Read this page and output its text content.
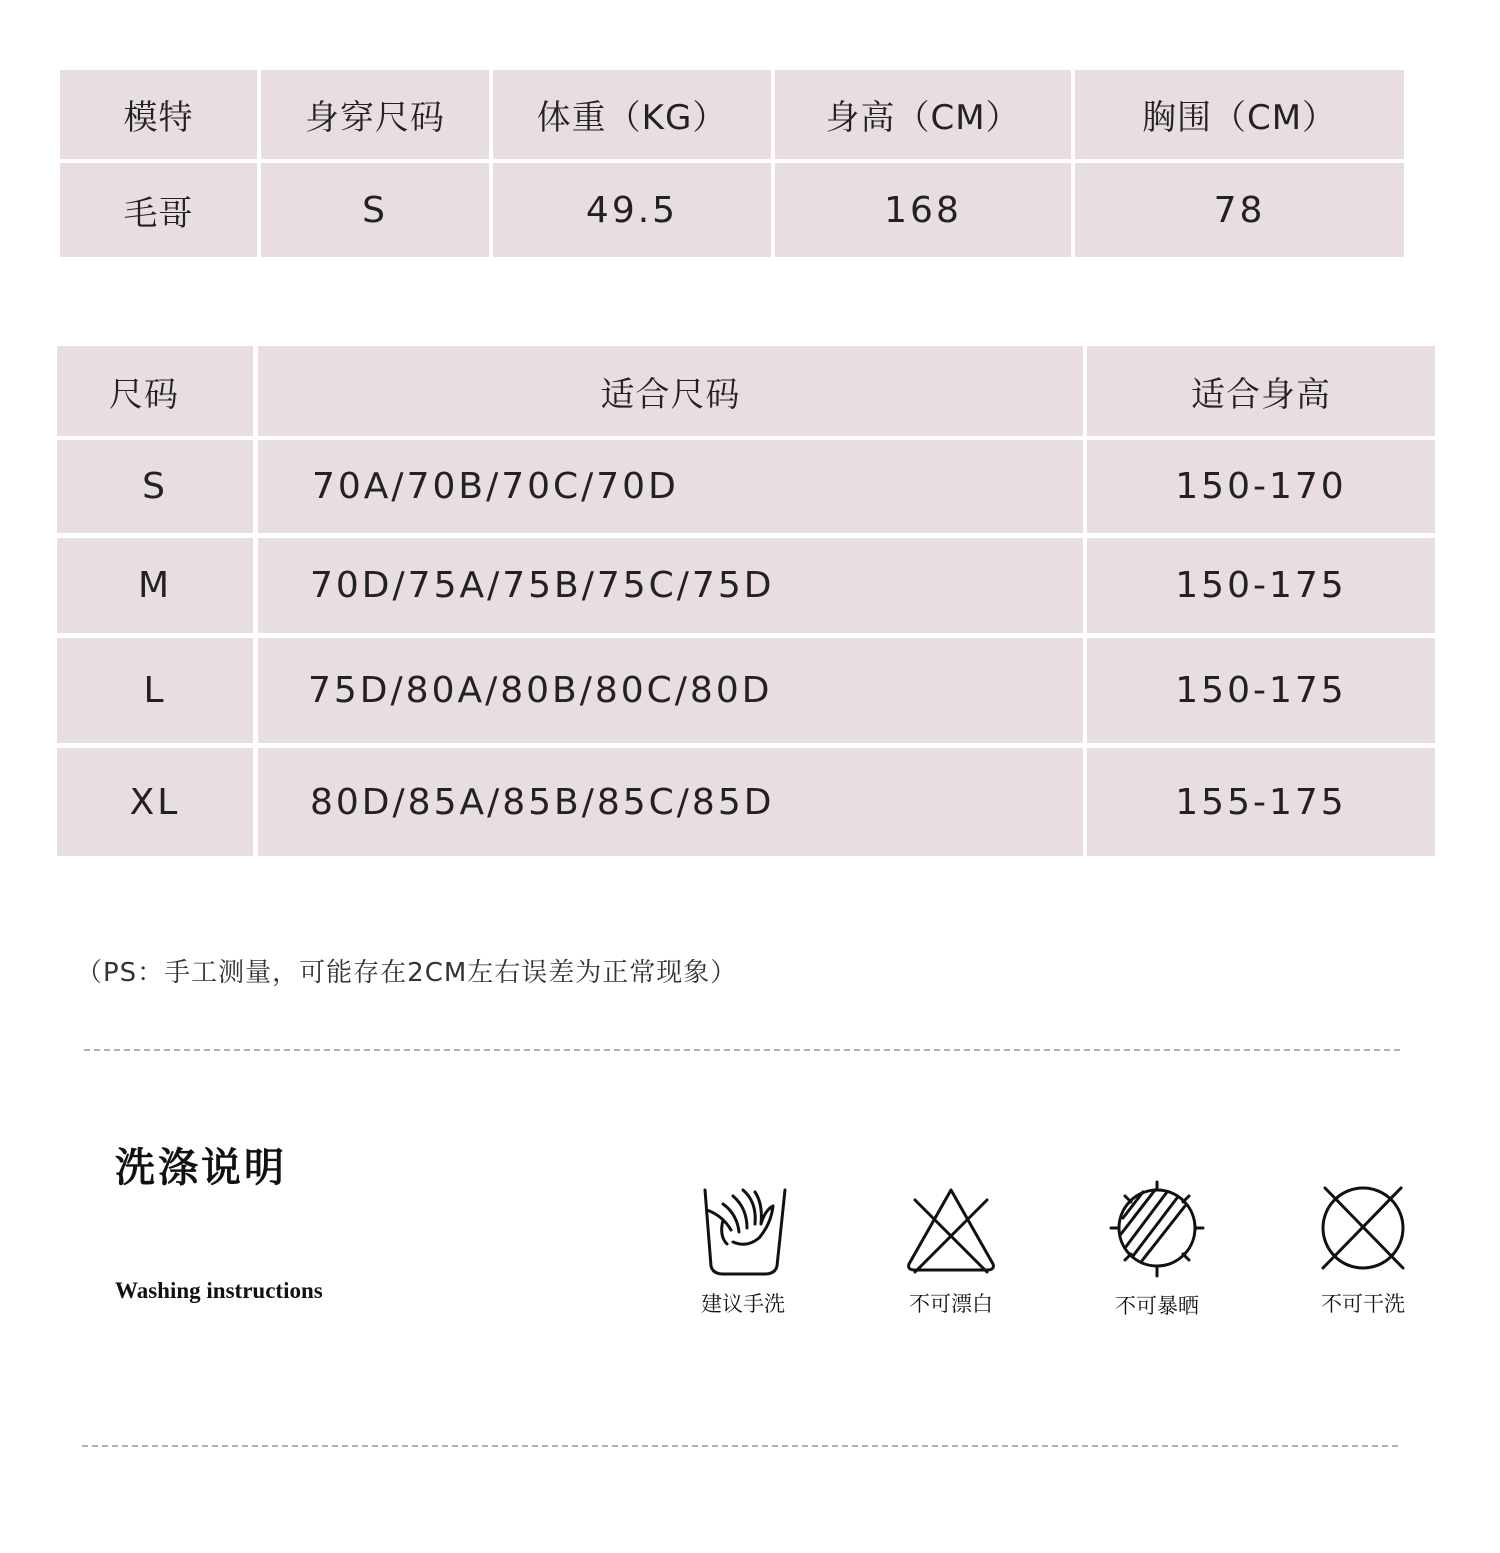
模特	身穿尺码	体重（KG）	身高（CM）	胸围（CM）
毛哥	S	49.5	168	78
尺码	适合尺码	适合身高
S	70A/70B/70C/70D	150-170
M	70D/75A/75B/75C/75D	150-175
L	75D/80A/80B/80C/80D	150-175
XL	80D/85A/85B/85C/85D	155-175
（PS：手工测量，可能存在2CM左右误差为正常现象）
洗涤说明
Washing instructions
建议手洗	不可漂白	不可暴晒	不可干洗
